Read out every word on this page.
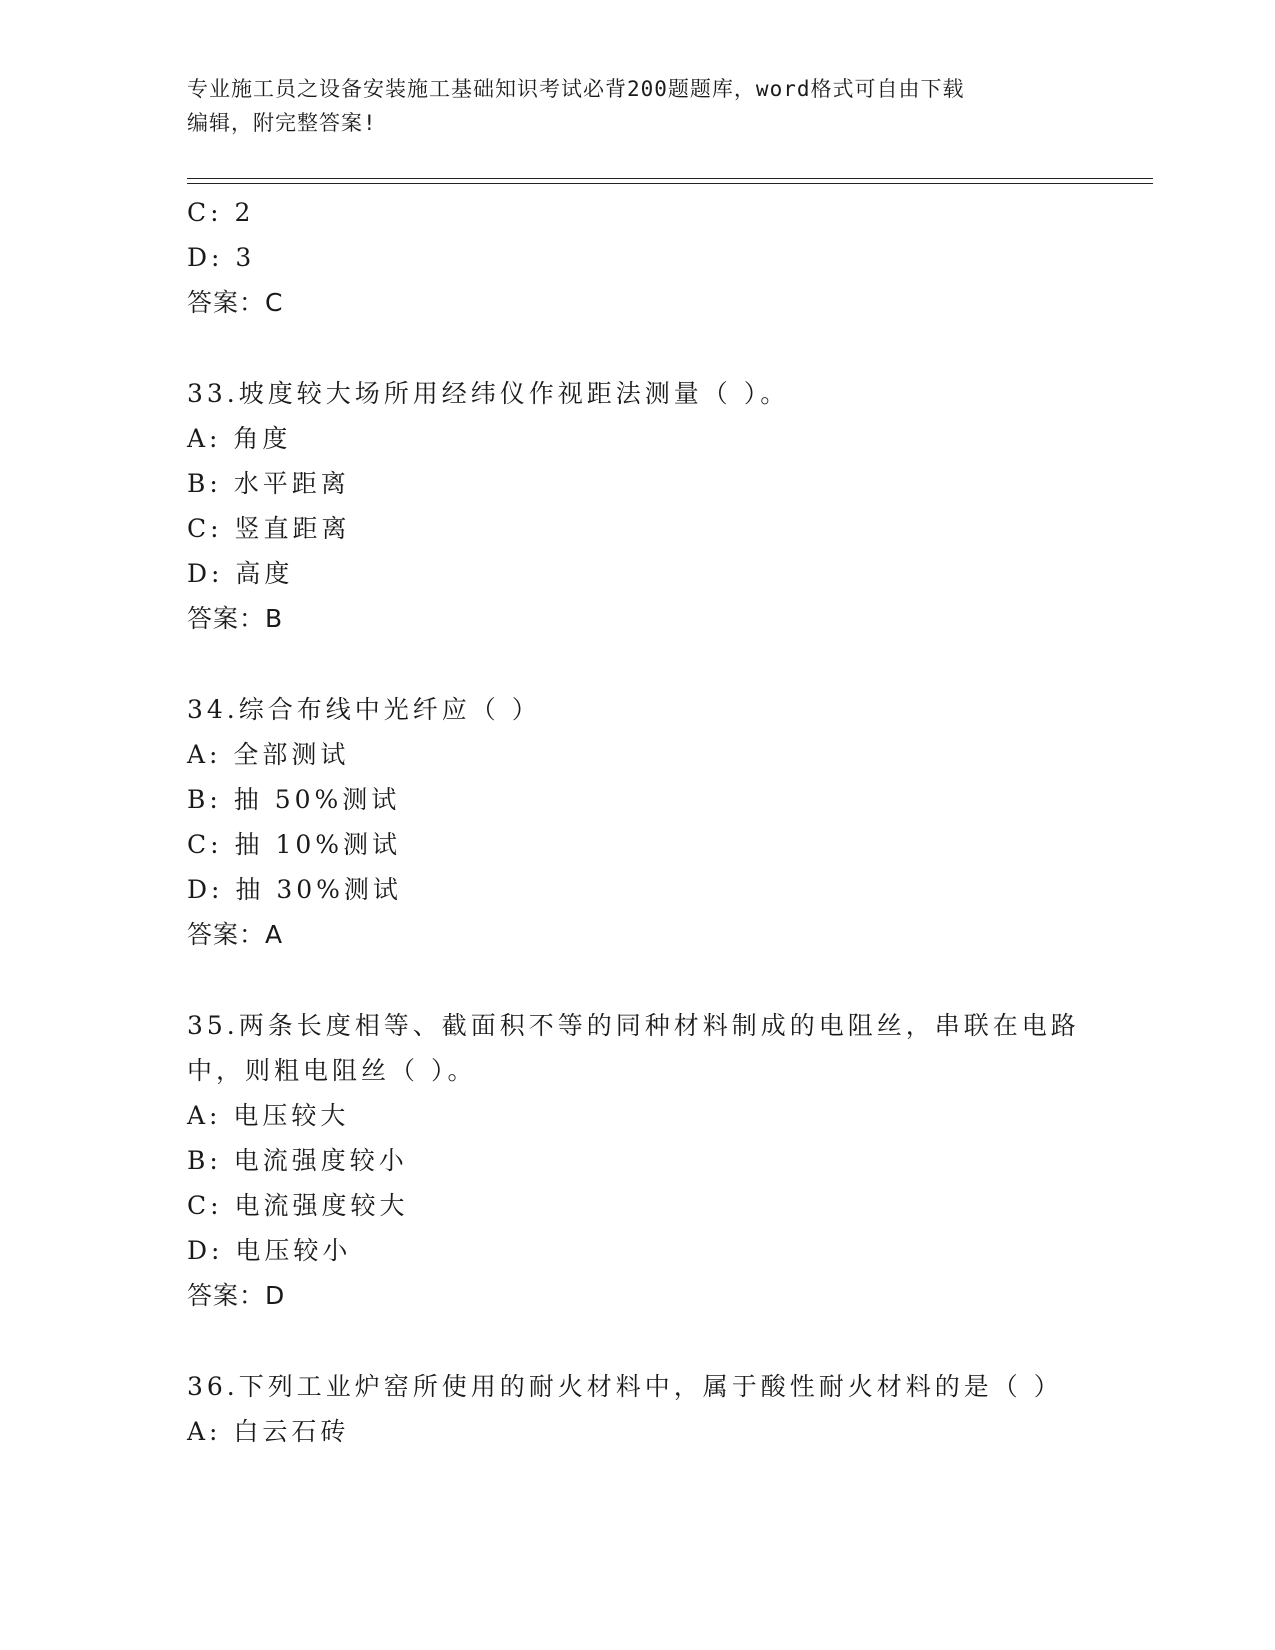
专业施工员之设备安装施工基础知识考试必背200题题库，word格式可自由下载
编辑，附完整答案!
C: 2
D: 3
答案：C
33.坡度较大场所用经纬仪作视距法测量（ ）。
A: 角度
B: 水平距离
C: 竖直距离
D: 高度
答案：B
34.综合布线中光纤应（ ）
A: 全部测试
B: 抽 50%测试
C: 抽 10%测试
D: 抽 30%测试
答案：A
35.两条长度相等、截面积不等的同种材料制成的电阻丝，串联在电路
中，则粗电阻丝（ ）。
A: 电压较大
B: 电流强度较小
C: 电流强度较大
D: 电压较小
答案：D
36.下列工业炉窑所使用的耐火材料中，属于酸性耐火材料的是（ ）
A: 白云石砖
